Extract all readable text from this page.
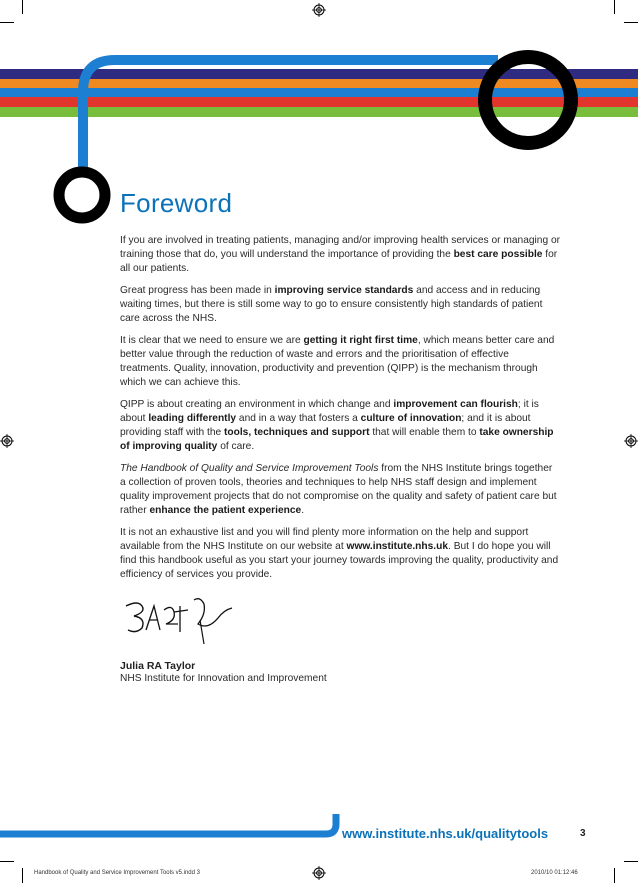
Foreword

If you are involved in treating patients, managing and/or improving health services or managing or training those that do, you will understand the importance of providing the best care possible for all our patients.

Great progress has been made in improving service standards and access and in reducing waiting times, but there is still some way to go to ensure consistently high standards of patient care across the NHS.

It is clear that we need to ensure we are getting it right first time, which means better care and better value through the reduction of waste and errors and the prioritisation of effective treatments. Quality, innovation, productivity and prevention (QIPP) is the mechanism through which we can achieve this.

QIPP is about creating an environment in which change and improvement can flourish; it is about leading differently and in a way that fosters a culture of innovation; and it is about providing staff with the tools, techniques and support that will enable them to take ownership of improving quality of care.

The Handbook of Quality and Service Improvement Tools from the NHS Institute brings together a collection of proven tools, theories and techniques to help NHS staff design and implement quality improvement projects that do not compromise on the quality and safety of patient care but rather enhance the patient experience.

It is not an exhaustive list and you will find plenty more information on the help and support available from the NHS Institute on our website at www.institute.nhs.uk. But I do hope you will find this handbook useful as you start your journey towards improving the quality, productivity and efficiency of services you provide.

Julia RA Taylor
NHS Institute for Innovation and Improvement
www.institute.nhs.uk/qualitytools	3
Handbook of Quality and Service Improvement Tools v5.indd 3	2010/10 01:12:46
